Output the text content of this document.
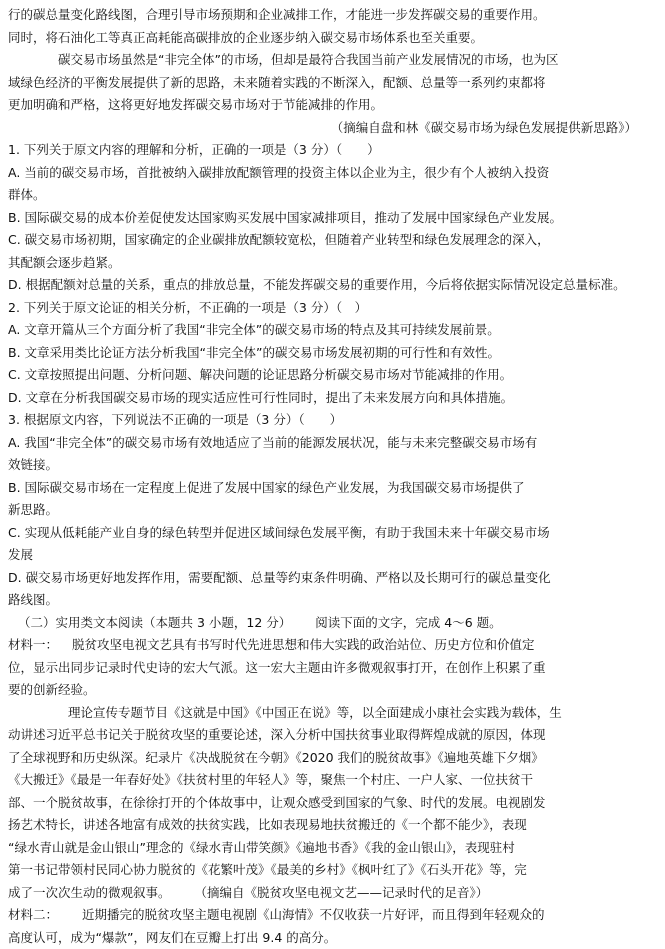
行的碳总量变化路线图，合理引导市场预期和企业减排工作，才能进一步发挥碳交易的重要作用。
同时，将石油化工等真正高耗能高碳排放的企业逐步纳入碳交易市场体系也至关重要。
碳交易市场虽然是“非完全体”的市场，但却是最符合我国当前产业发展情况的市场，也为区
域绿色经济的平衡发展提供了新的思路，未来随着实践的不断深入，配额、总量等一系列约束都将
更加明确和严格，这将更好地发挥碳交易市场对于节能减排的作用。
（摘编自盘和林《碳交易市场为绿色发展提供新思路》）
1. 下列关于原文内容的理解和分析，正确的一项是（3 分）（　　）
A. 当前的碳交易市场，首批被纳入碳排放配额管理的投资主体以企业为主，很少有个人被纳入投资
群体。
B. 国际碳交易的成本价差促使发达国家购买发展中国家减排项目，推动了发展中国家绿色产业发展。
C. 碳交易市场初期，国家确定的企业碳排放配额较宽松，但随着产业转型和绿色发展理念的深入，
其配额会逐步趋紧。
D. 根据配额対总量的关系，重点的排放总量，不能发挥碳交易的重要作用，今后将依据实际情况设定总量标准。
2. 下列关于原文论证的相关分析，不正确的一项是（3 分）（　）
A. 文章开篇从三个方面分析了我国“非完全体”的碳交易市场的特点及其可持续发展前景。
B. 文章采用类比论证方法分析我国“非完全体”的碳交易市场发展初期的可行性和有效性。
C. 文章按照提出问题、分析问题、解决问题的论证思路分析碳交易市场对节能减排的作用。
D. 文章在分析我国碳交易市场的现实适应性可行性同时，提出了未来发展方向和具体措施。
3. 根据原文内容，下列说法不正确的一项是（3 分）（　　）
A. 我国“非完全体”的碳交易市场有效地适应了当前的能源发展状况，能与未来完整碳交易市场有
效链接。
B. 国际碳交易市场在一定程度上促进了发展中国家的绿色产业发展，为我国碳交易市场提供了
新思路。
C. 实现从低耗能产业自身的绿色转型并促进区域间绿色发展平衡，有助于我国未来十年碳交易市场
发展
D. 碳交易市场更好地发挥作用，需要配额、总量等约束条件明确、严格以及长期可行的碳总量变化
路线图。
（二）实用类文本阅读（本题共 3 小题，12 分） 阅读下面的文字，完成 4～6 题。
材料一： 脱贫攻坚电视文艺具有书写时代先进思想和伟大实践的政治站位、历史方位和价值定
位，显示出同步记录时代史诗的宏大气派。这一宏大主题由许多微观叙事打开，在创作上积累了重
要的创新经验。
理论宣传专题节目《这就是中国》《中国正在说》等，以全面建成小康社会实践为载体，生
动讲述习近平总书记关于脱贫攻坚的重要论述，深入分析中国扶贫事业取得辉煌成就的原因，体现
了全球视野和历史纵深。纪录片《决战脱贫在今朝》《2020 我们的脱贫故事》《遍地英雄下夕烟》
《大搬迁》《最是一年春好处》《扶贫村里的年轻人》等，聚焦一个村庄、一户人家、一位扶贫干
部、一个脱贫故事，在徐徐打开的个体故事中，让观众感受到国家的气象、时代的发展。电视剧发
扬艺术特长，讲述各地富有成效的扶贫实践，比如表现易地扶贫搬迁的《一个都不能少》，表现
“绿水青山就是金山银山”理念的《绿水青山带笑颜》《遍地书香》《我的金山银山》，表现驻村
第一书记带领村民同心协力脱贫的《花繁叶茂》《最美的乡村》《枫叶红了》《石头开花》等，完
成了一次次生动的微观叙事。 （摘编自《脱贫攻坚电视文艺——记录时代的足音》）
材料二： 近期播完的脱贫攻坚主题电视剧《山海情》不仅收获一片好评，而且得到年轻观众的
高度认可，成为“爆款”，网友们在豆瓣上打出 9.4 的高分。
